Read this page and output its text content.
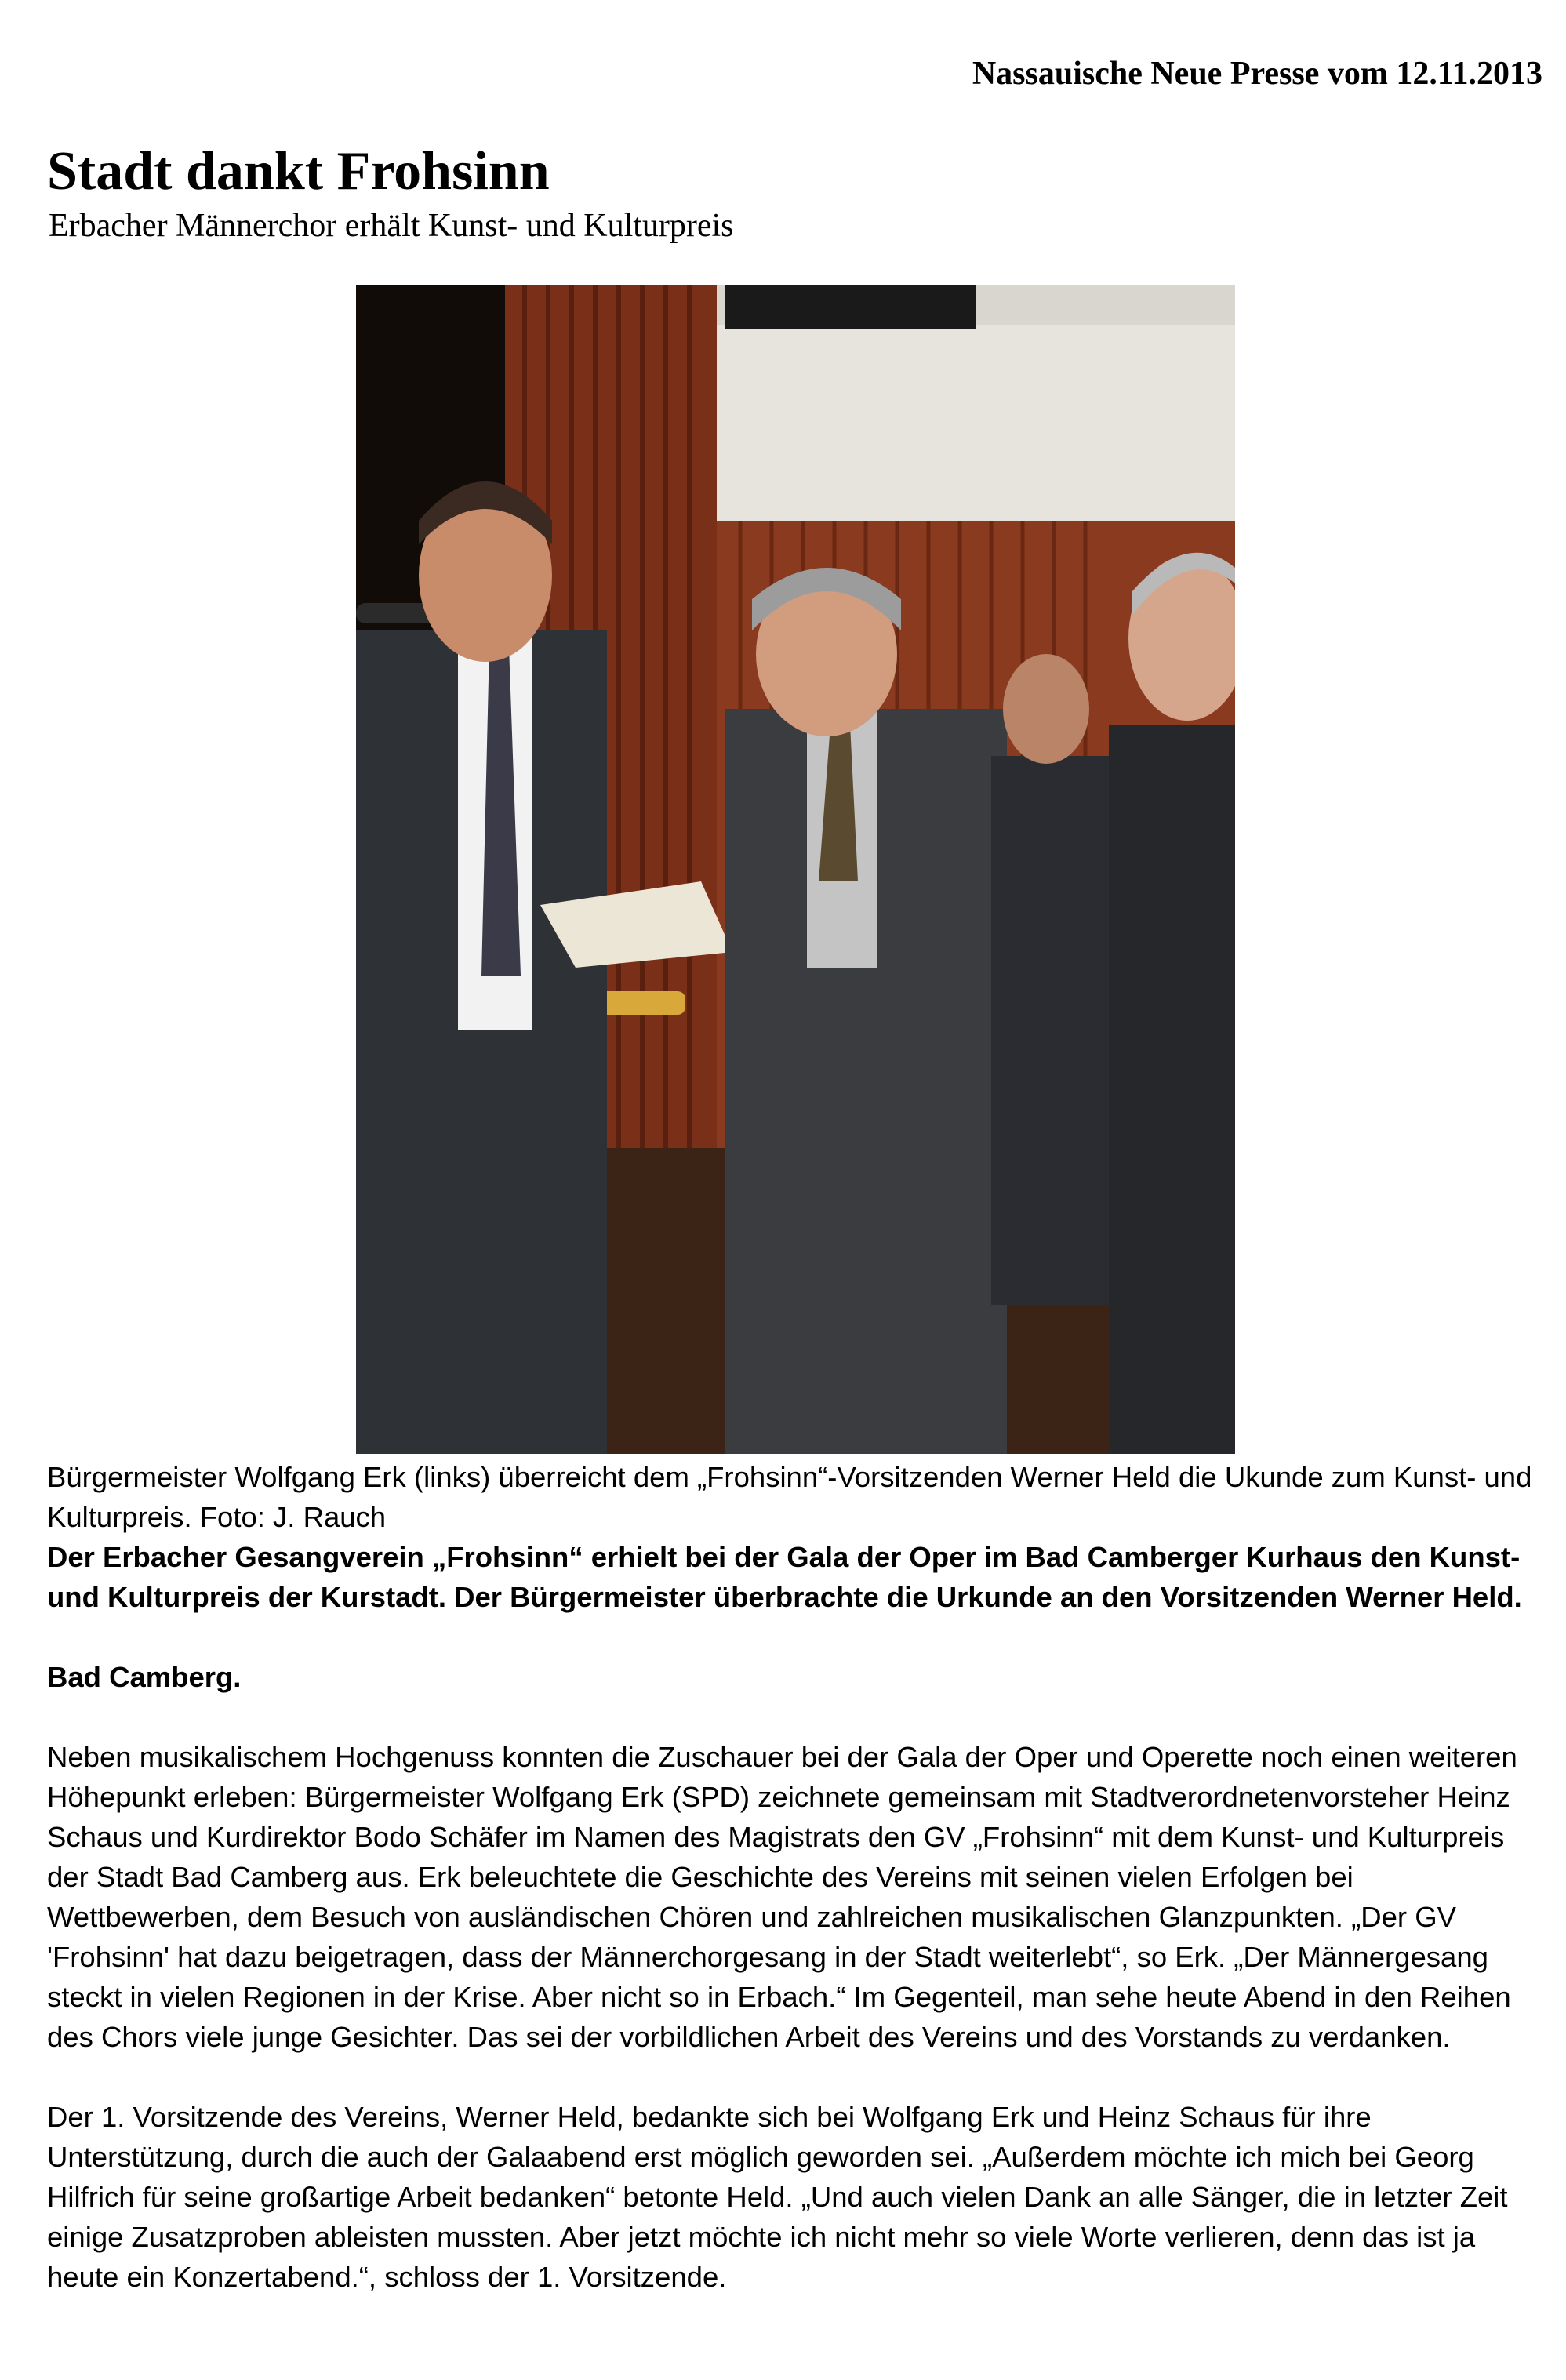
Nassauische Neue Presse vom 12.11.2013
Stadt dankt Frohsinn
Erbacher Männerchor erhält Kunst- und Kulturpreis

Bürgermeister Wolfgang Erk (links) überreicht dem „Frohsinn“-Vorsitzenden Werner Held die Ukunde zum Kunst- und Kulturpreis. Foto: J. Rauch

Der Erbacher Gesangverein „Frohsinn“ erhielt bei der Gala der Oper im Bad Camberger Kurhaus den Kunst- und Kulturpreis der Kurstadt. Der Bürgermeister überbrachte die Urkunde an den Vorsitzenden Werner Held.

Bad Camberg.

Neben musikalischem Hochgenuss konnten die Zuschauer bei der Gala der Oper und Operette noch einen weiteren Höhepunkt erleben: Bürgermeister Wolfgang Erk (SPD) zeichnete gemeinsam mit Stadtverordnetenvorsteher Heinz Schaus und Kurdirektor Bodo Schäfer im Namen des Magistrats den GV „Frohsinn“ mit dem Kunst- und Kulturpreis der Stadt Bad Camberg aus. Erk beleuchtete die Geschichte des Vereins mit seinen vielen Erfolgen bei Wettbewerben, dem Besuch von ausländischen Chören und zahlreichen musikalischen Glanzpunkten. „Der GV 'Frohsinn' hat dazu beigetragen, dass der Männerchorgesang in der Stadt weiterlebt“, so Erk. „Der Männergesang steckt in vielen Regionen in der Krise. Aber nicht so in Erbach.“ Im Gegenteil, man sehe heute Abend in den Reihen des Chors viele junge Gesichter. Das sei der vorbildlichen Arbeit des Vereins und des Vorstands zu verdanken.

Der 1. Vorsitzende des Vereins, Werner Held, bedankte sich bei Wolfgang Erk und Heinz Schaus für ihre Unterstützung, durch die auch der Galaabend erst möglich geworden sei. „Außerdem möchte ich mich bei Georg Hilfrich für seine großartige Arbeit bedanken“ betonte Held. „Und auch vielen Dank an alle Sänger, die in letzter Zeit einige Zusatzproben ableisten mussten. Aber jetzt möchte ich nicht mehr so viele Worte verlieren, denn das ist ja heute ein Konzertabend.“, schloss der 1. Vorsitzende.
